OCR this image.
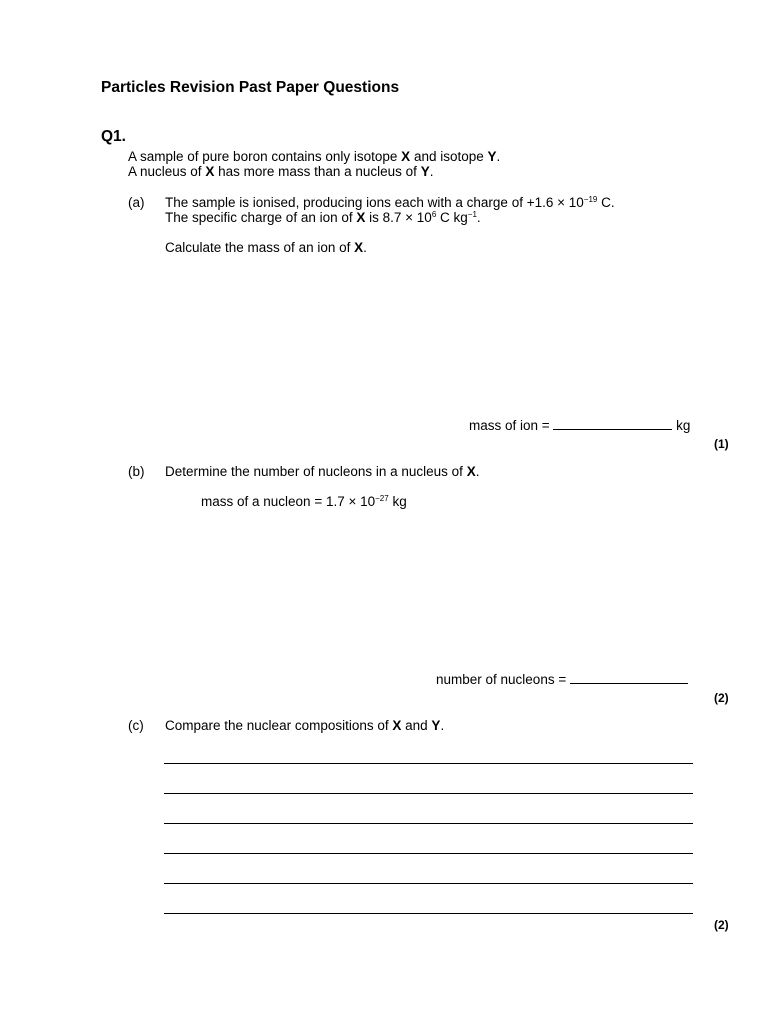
Particles Revision Past Paper Questions
Q1.
A sample of pure boron contains only isotope X and isotope Y.
A nucleus of X has more mass than a nucleus of Y.
(a) The sample is ionised, producing ions each with a charge of $+1.6 \times 10^{-19}$ C.
The specific charge of an ion of X is $8.7 \times 10^6$ C $kg^{-1}$.
Calculate the mass of an ion of X.
mass of ion =	kg
(1)
(b) Determine the number of nucleons in a nucleus of X.
mass of a nucleon = $1.7 \times 10^{-27}$ kg
number of nucleons =
(2)
(c) Compare the nuclear compositions of X and Y.
(2)
